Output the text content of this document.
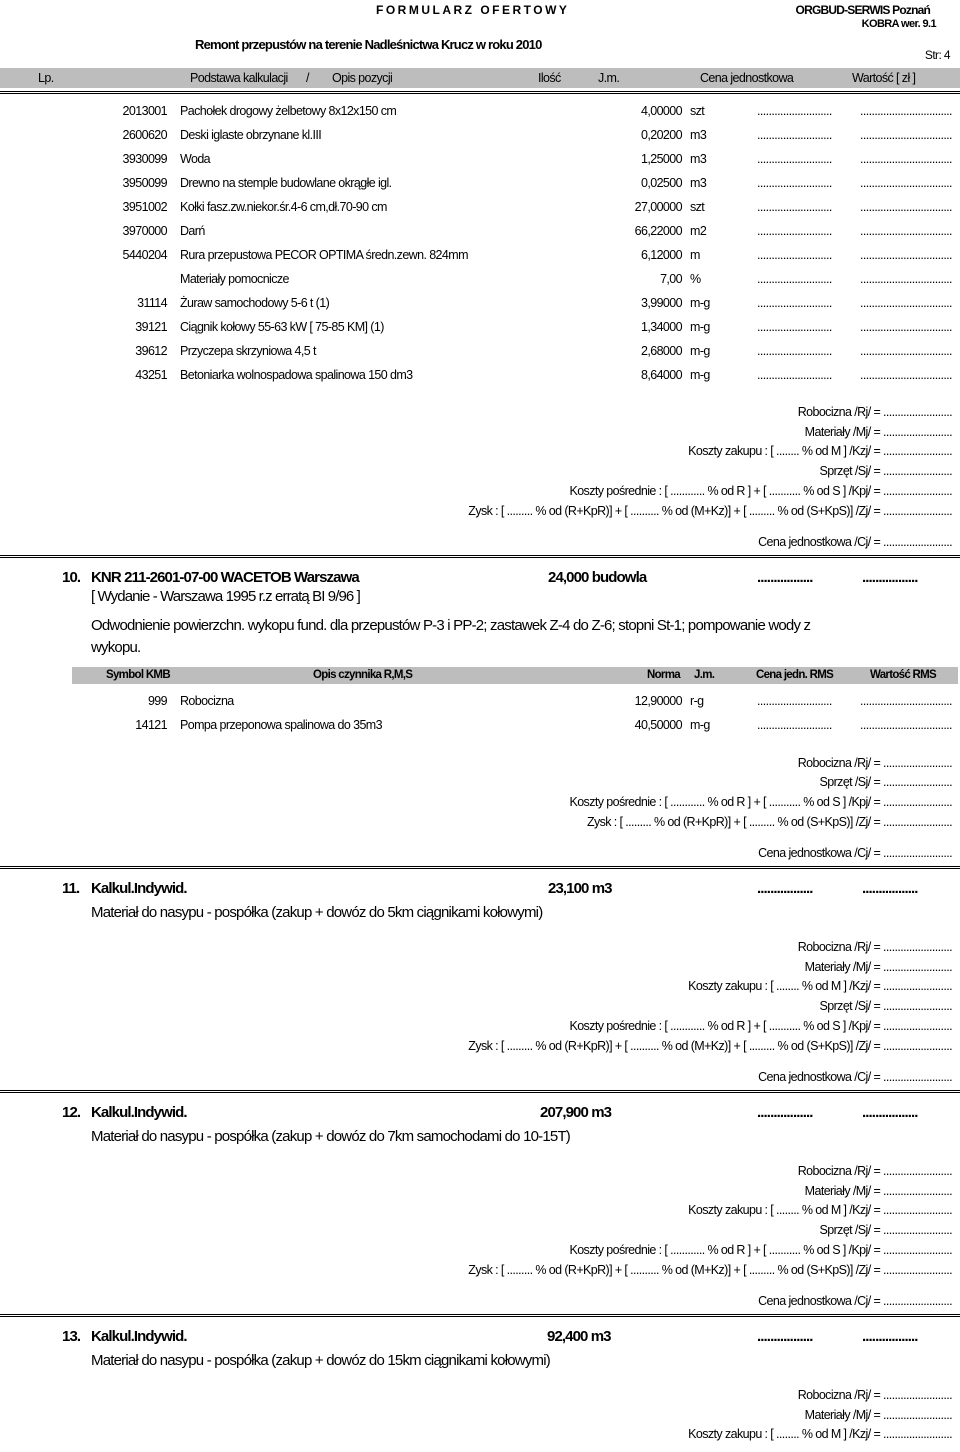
FORMULARZ OFERTOWY	ORGBUD-SERWIS Poznań
KOBRA wer. 9.1
Remont przepustów na terenie Nadleśnictwa Krucz w roku 2010
Str: 4
Lp.	Podstawa kalkulacji / Opis pozycji	Ilość	J.m.	Cena jednostkowa	Wartość [ zł ]
2013001 Pachołek drogowy żelbetowy 8x12x150 cm	4,00000 szt	.......................... ................................
2600620 Deski iglaste obrzynane kl.III	0,20200 m3	.......................... ................................
3930099 Woda	1,25000 m3	.......................... ................................
3950099 Drewno na stemple budowlane okrągłe igl.	0,02500 m3	.......................... ................................
3951002 Kołki fasz.zw.niekor.śr.4-6 cm,dł.70-90 cm	27,00000 szt	.......................... ................................
3970000 Darń	66,22000 m2	.......................... ................................
5440204 Rura przepustowa PECOR OPTIMA średn.zewn. 824mm	6,12000 m	.......................... ................................
Materiały pomocnicze	7,00 %	.......................... ................................
31114 Żuraw samochodowy 5-6 t (1)	3,99000 m-g	.......................... ................................
39121 Ciągnik kołowy 55-63 kW [ 75-85 KM] (1)	1,34000 m-g	.......................... ................................
39612 Przyczepa skrzyniowa 4,5 t	2,68000 m-g	.......................... ................................
43251 Betoniarka wolnospadowa spalinowa 150 dm3	8,64000 m-g	.......................... ................................
Robocizna /Rj/ = ........................
Materiały /Mj/ = ........................
Koszty zakupu : [ ........ % od M ] /Kzj/ = ........................
Sprzęt /Sj/ = ........................
Koszty pośrednie : [ ............ % od R ] + [ ........... % od S ] /Kpj/ = ........................
Zysk : [ ......... % od (R+KpR)] + [ .......... % od (M+Kz)] + [ ......... % od (S+KpS)] /Zj/ = ........................
Cena jednostkowa /Cj/ = ........................
10. KNR 211-2601-07-00 WACETOB Warszawa	24,000 budowla	.................	.................
[ Wydanie - Warszawa 1995 r.z erratą BI 9/96 ]
Odwodnienie powierzchn. wykopu fund. dla przepustów P-3 i PP-2; zastawek Z-4 do Z-6; stopni St-1; pompowanie wody z wykopu.
Symbol KMB	Opis czynnika R,M,S	Norma J.m.	Cena jedn. RMS	Wartość RMS
999 Robocizna	12,90000 r-g	.......................... ................................
14121 Pompa przeponowa spalinowa do 35m3	40,50000 m-g	.......................... ................................
Robocizna /Rj/ = ........................
Sprzęt /Sj/ = ........................
Koszty pośrednie : [ ............ % od R ] + [ ........... % od S ] /Kpj/ = ........................
Zysk : [ ......... % od (R+KpR)] + [ ......... % od (S+KpS)] /Zj/ = ........................
Cena jednostkowa /Cj/ = ........................
11. Kalkul.Indywid.	23,100 m3	.................	.................
Materiał do nasypu - pospółka (zakup + dowóz do 5km ciągnikami kołowymi)
Robocizna /Rj/ = ........................
Materiały /Mj/ = ........................
Koszty zakupu : [ ........ % od M ] /Kzj/ = ........................
Sprzęt /Sj/ = ........................
Koszty pośrednie : [ ............ % od R ] + [ ........... % od S ] /Kpj/ = ........................
Zysk : [ ......... % od (R+KpR)] + [ .......... % od (M+Kz)] + [ ......... % od (S+KpS)] /Zj/ = ........................
Cena jednostkowa /Cj/ = ........................
12. Kalkul.Indywid.	207,900 m3	.................	.................
Materiał do nasypu - pospółka (zakup + dowóz do 7km samochodami do 10-15T)
Robocizna /Rj/ = ........................
Materiały /Mj/ = ........................
Koszty zakupu : [ ........ % od M ] /Kzj/ = ........................
Sprzęt /Sj/ = ........................
Koszty pośrednie : [ ............ % od R ] + [ ........... % od S ] /Kpj/ = ........................
Zysk : [ ......... % od (R+KpR)] + [ .......... % od (M+Kz)] + [ ......... % od (S+KpS)] /Zj/ = ........................
Cena jednostkowa /Cj/ = ........................
13. Kalkul.Indywid.	92,400 m3	.................	.................
Materiał do nasypu - pospółka (zakup + dowóz do 15km ciągnikami kołowymi)
Robocizna /Rj/ = ........................
Materiały /Mj/ = ........................
Koszty zakupu : [ ........ % od M ] /Kzj/ = ........................
